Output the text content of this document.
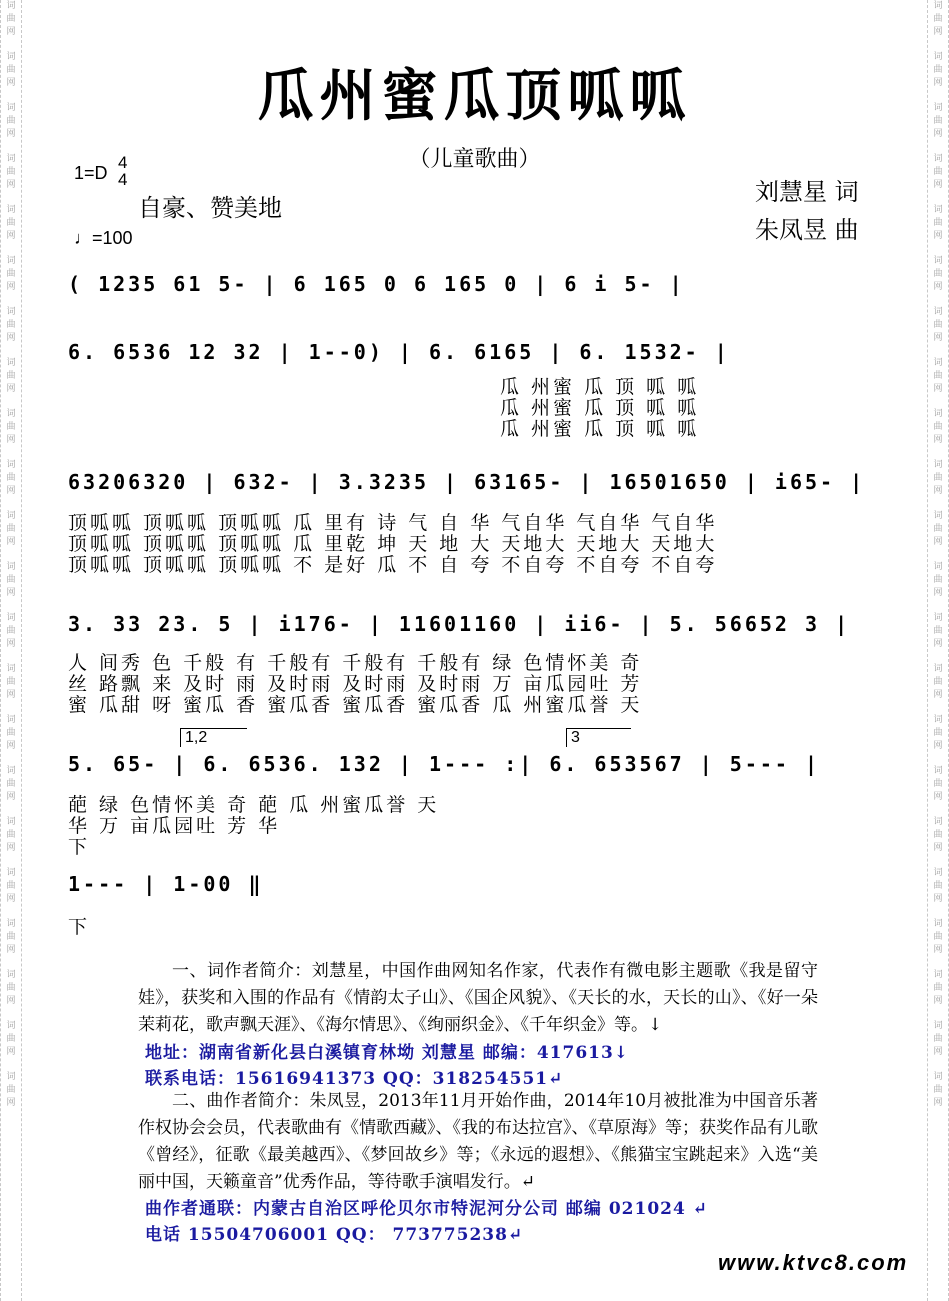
词
曲
网
词
曲
网
词
曲
网
词
曲
网
词
曲
网
词
曲
网
词
曲
网
词
曲
网
词
曲
网
词
曲
网
词
曲
网
词
曲
网
词
曲
网
词
曲
网
词
曲
网
词
曲
网
词
曲
网
词
曲
网
词
曲
网
词
曲
网
词
曲
网
词
曲
网
词
曲
网
词
曲
网
词
曲
网
词
曲
网
词
曲
网
词
曲
网
词
曲
网
词
曲
网
词
曲
网
词
曲
网
词
曲
网
词
曲
网
词
曲
网
词
曲
网
词
曲
网
词
曲
网
词
曲
网
词
曲
网
词
曲
网
词
曲
网
词
曲
网
词
曲
网
瓜州蜜瓜顶呱呱
（儿童歌曲）
1=D
4
4
自豪、赞美地
♩=100
刘慧星 词
朱凤昱 曲
( 1235 61 5- | 6 165 0 6 165 0 | 6 i 5- |
6. 6536 12 32 | 1--0) | 6. 6165 | 6. 1532- |
瓜 州蜜 瓜 顶 呱 呱
瓜 州蜜 瓜 顶 呱 呱
瓜 州蜜 瓜 顶 呱 呱
63206320 | 632- | 3.3235 | 63165- | 16501650 | i65- |
顶呱呱 顶呱呱 顶呱呱 瓜 里有 诗 气 自 华 气自华 气自华 气自华
顶呱呱 顶呱呱 顶呱呱 瓜 里乾 坤 天 地 大 天地大 天地大 天地大
顶呱呱 顶呱呱 顶呱呱 不 是好 瓜 不 自 夸 不自夸 不自夸 不自夸
3. 33 23. 5 | i176- | 11601160 | ii6- | 5. 56652 3 |
人 间秀 色 千般 有 千般有 千般有 千般有 绿 色情怀美 奇
丝 路飘 来 及时 雨 及时雨 及时雨 及时雨 万 亩瓜园吐 芳
蜜 瓜甜 呀 蜜瓜 香 蜜瓜香 蜜瓜香 蜜瓜香 瓜 州蜜瓜誉 天
1,2	3
5. 65- | 6. 6536. 132 | 1--- :| 6. 653567 | 5--- |
葩 绿 色情怀美 奇 葩 瓜 州蜜瓜誉 天
华 万 亩瓜园吐 芳 华
下
1--- | 1-00 ‖
下
一、词作者简介：刘慧星，中国作曲网知名作家，代表作有微电影主题歌《我是留守娃》，获奖和入围的作品有《情韵太子山》、《国企风貌》、《天长的水，天长的山》、《好一朵茉莉花，歌声飘天涯》、《海尔情思》、《绚丽织金》、《千年织金》等。↓
地址：湖南省新化县白溪镇育林坳 刘慧星 邮编：417613↓
联系电话：15616941373 QQ：318254551↵
二、曲作者简介：朱凤昱，2013年11月开始作曲，2014年10月被批准为中国音乐著作权协会会员，代表歌曲有《情歌西藏》、《我的布达拉宫》、《草原海》等；获奖作品有儿歌《曾经》，征歌《最美越西》、《梦回故乡》等；《永远的遐想》、《熊猫宝宝跳起来》入选“美丽中国，天籁童音”优秀作品，等待歌手演唱发行。↵
曲作者通联：内蒙古自治区呼伦贝尔市特泥河分公司 邮编 021024 ↵
电话 15504706001 QQ： 773775238↵
www.ktvc8.com
